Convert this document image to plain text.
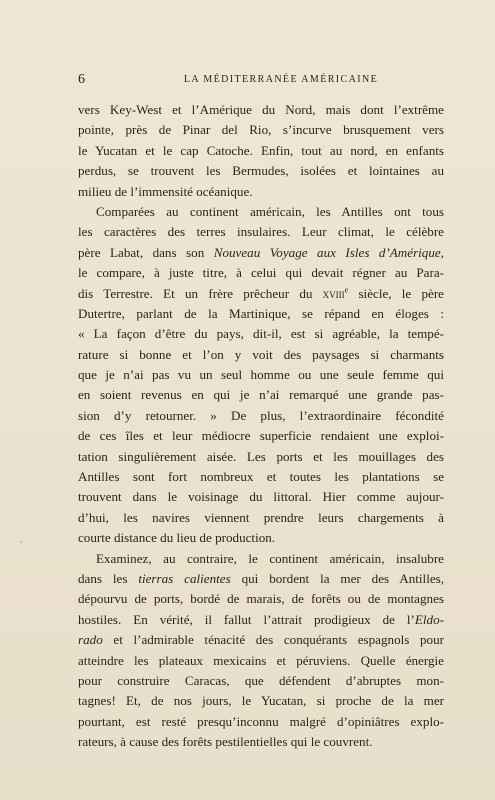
6	LA MÉDITERRANÉE AMÉRICAINE
vers Key-West et l’Amérique du Nord, mais dont l’extrême
pointe, près de Pinar del Rio, s’incurve brusquement vers
le Yucatan et le cap Catoche. Enfin, tout au nord, en enfants
perdus, se trouvent les Bermudes, isolées et lointaines au
milieu de l’immensité océanique.
Comparées au continent américain, les Antilles ont tous
les caractères des terres insulaires. Leur climat, le célèbre
père Labat, dans son Nouveau Voyage aux Isles d’Amérique,
le compare, à juste titre, à celui qui devait régner au Para-
dis Terrestre. Et un frère prêcheur du xviii$^e$ siècle, le père
Dutertre, parlant de la Martinique, se répand en éloges :
« La façon d’être du pays, dit-il, est si agréable, la tempé-
rature si bonne et l’on y voit des paysages si charmants
que je n’ai pas vu un seul homme ou une seule femme qui
en soient revenus en qui je n’ai remarqué une grande pas-
sion d’y retourner. » De plus, l’extraordinaire fécondité
de ces îles et leur médiocre superficie rendaient une exploi-
tation singulièrement aisée. Les ports et les mouillages des
Antilles sont fort nombreux et toutes les plantations se
trouvent dans le voisinage du littoral. Hier comme aujour-
d’hui, les navires viennent prendre leurs chargements à
courte distance du lieu de production.
Examinez, au contraire, le continent américain, insalubre
dans les tierras calientes qui bordent la mer des Antilles,
dépourvu de ports, bordé de marais, de forêts ou de montagnes
hostiles. En vérité, il fallut l’attrait prodigieux de l’Eldo-
rado et l’admirable ténacité des conquérants espagnols pour
atteindre les plateaux mexicains et péruviens. Quelle énergie
pour construire Caracas, que défendent d’abruptes mon-
tagnes! Et, de nos jours, le Yucatan, si proche de la mer
pourtant, est resté presqu’inconnu malgré d’opiniâtres explo-
rateurs, à cause des forêts pestilentielles qui le couvrent.
,
